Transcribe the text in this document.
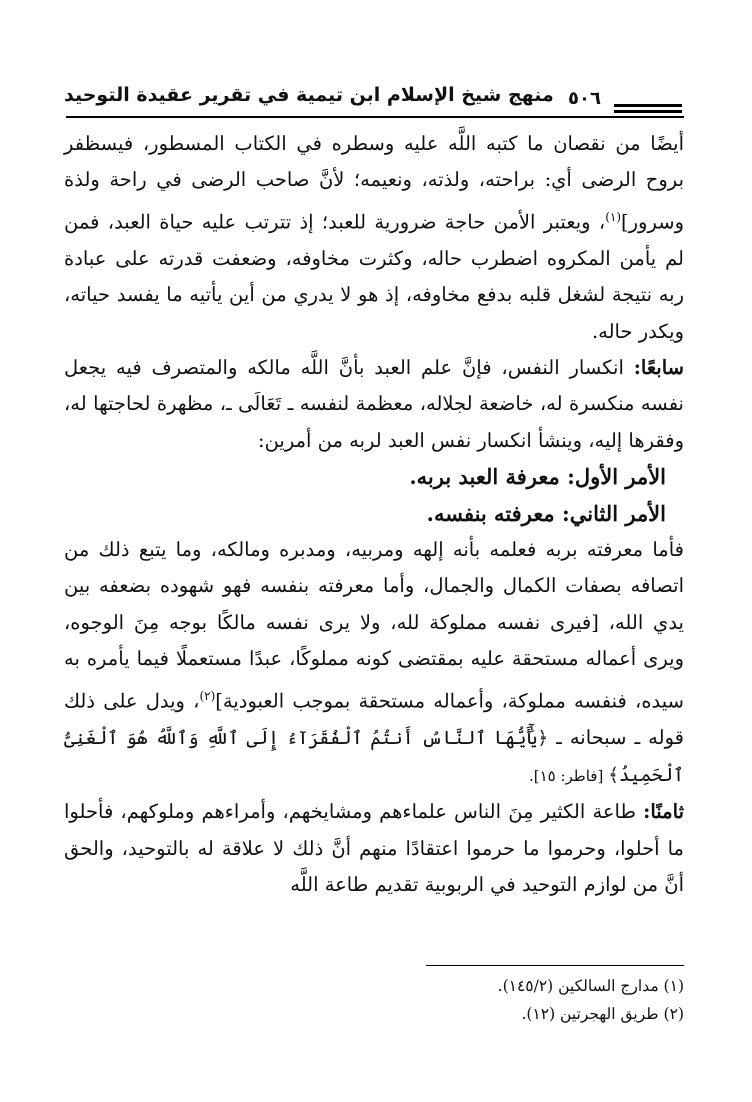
منهج شيخ الإسلام ابن تيمية في تقرير عقيدة التوحيد ٥٠٦

أيضًا من نقصان ما كتبه اللَّه عليه وسطره في الكتاب المسطور، فيسظفر بروح الرضى أي: براحته، ولذته، ونعيمه؛ لأنَّ صاحب الرضى في راحة ولذة وسرور]$^{(١)}$، ويعتبر الأمن حاجة ضرورية للعبد؛ إذ تترتب عليه حياة العبد، فمن لم يأمن المكروه اضطرب حاله، وكثرت مخاوفه، وضعفت قدرته على عبادة ربه نتيجة لشغل قلبه بدفع مخاوفه، إذ هو لا يدري من أين يأتيه ما يفسد حياته، ويكدر حاله.

سابعًا: انكسار النفس، فإنَّ علم العبد بأنَّ اللَّه مالكه والمتصرف فيه يجعل نفسه منكسرة له، خاضعة لجلاله، معظمة لنفسه ـ تَعَالَى ـ، مظهرة لحاجتها له، وفقرها إليه، وينشأ انكسار نفس العبد لربه من أمرين:

الأمر الأول: معرفة العبد بربه.

الأمر الثاني: معرفته بنفسه.

فأما معرفته بربه فعلمه بأنه إلهه ومربيه، ومدبره ومالكه، وما يتبع ذلك من اتصافه بصفات الكمال والجمال، وأما معرفته بنفسه فهو شهوده بضعفه بين يدي الله، [فيرى نفسه مملوكة لله، ولا يرى نفسه مالكًا بوجه مِنَ الوجوه، ويرى أعماله مستحقة عليه بمقتضى كونه مملوكًا، عبدًا مستعملًا فيما يأمره به سيده، فنفسه مملوكة، وأعماله مستحقة بموجب العبودية]$^{(٢)}$، ويدل على ذلك قوله ـ سبحانه ـ ﴿يَٰٓأَيُّهَا ٱلنَّاسُ أَنتُمُ ٱلْفُقَرَآءُ إِلَى ٱللَّهِ وَٱللَّهُ هُوَ ٱلْغَنِىُّ ٱلْحَمِيدُ﴾ [فاطر: ١٥].

ثامنًا: طاعة الكثير مِنَ الناس علماءهم ومشايخهم، وأمراءهم وملوكهم، فأحلوا ما أحلوا، وحرموا ما حرموا اعتقادًا منهم أنَّ ذلك لا علاقة له بالتوحيد، والحق أنَّ من لوازم التوحيد في الربوبية تقديم طاعة اللَّه

(١) مدارج السالكين (١٤٥/٢).

(٢) طريق الهجرتين (١٢).
